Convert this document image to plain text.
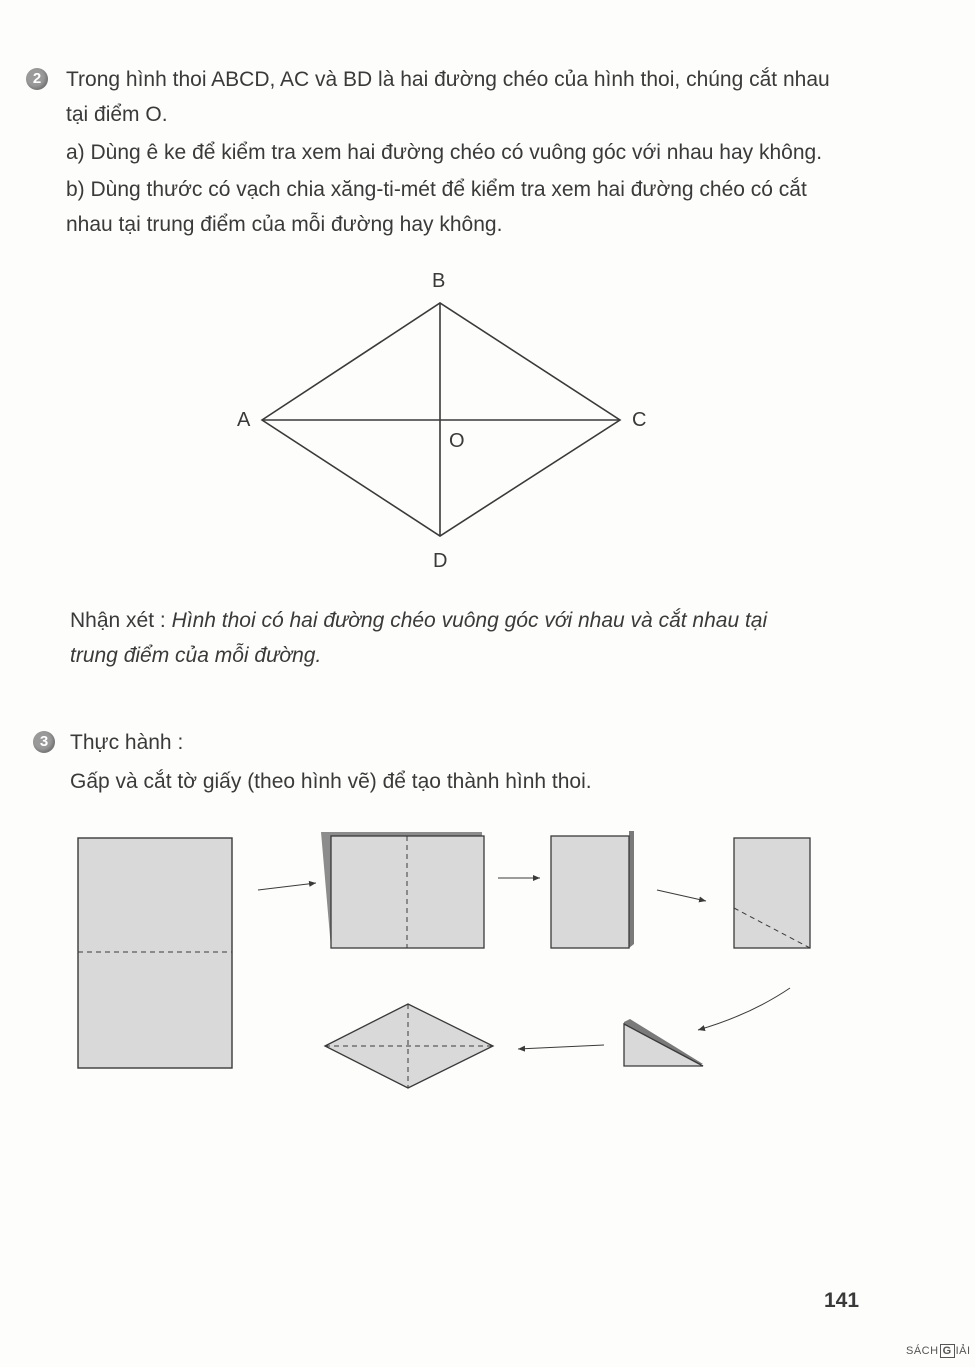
2	Trong hình thoi ABCD, AC và BD là hai đường chéo của hình thoi, chúng cắt nhau
tại điểm O.
a) Dùng ê ke để kiểm tra xem hai đường chéo có vuông góc với nhau hay không.
b) Dùng thước có vạch chia xăng-ti-mét để kiểm tra xem hai đường chéo có cắt
nhau tại trung điểm của mỗi đường hay không.
B
A	C
O
D
Nhận xét : Hình thoi có hai đường chéo vuông góc với nhau và cắt nhau tại
trung điểm của mỗi đường.
3	Thực hành :
Gấp và cắt tờ giấy (theo hình vẽ) để tạo thành hình thoi.
141
SÁCH G IẢI
